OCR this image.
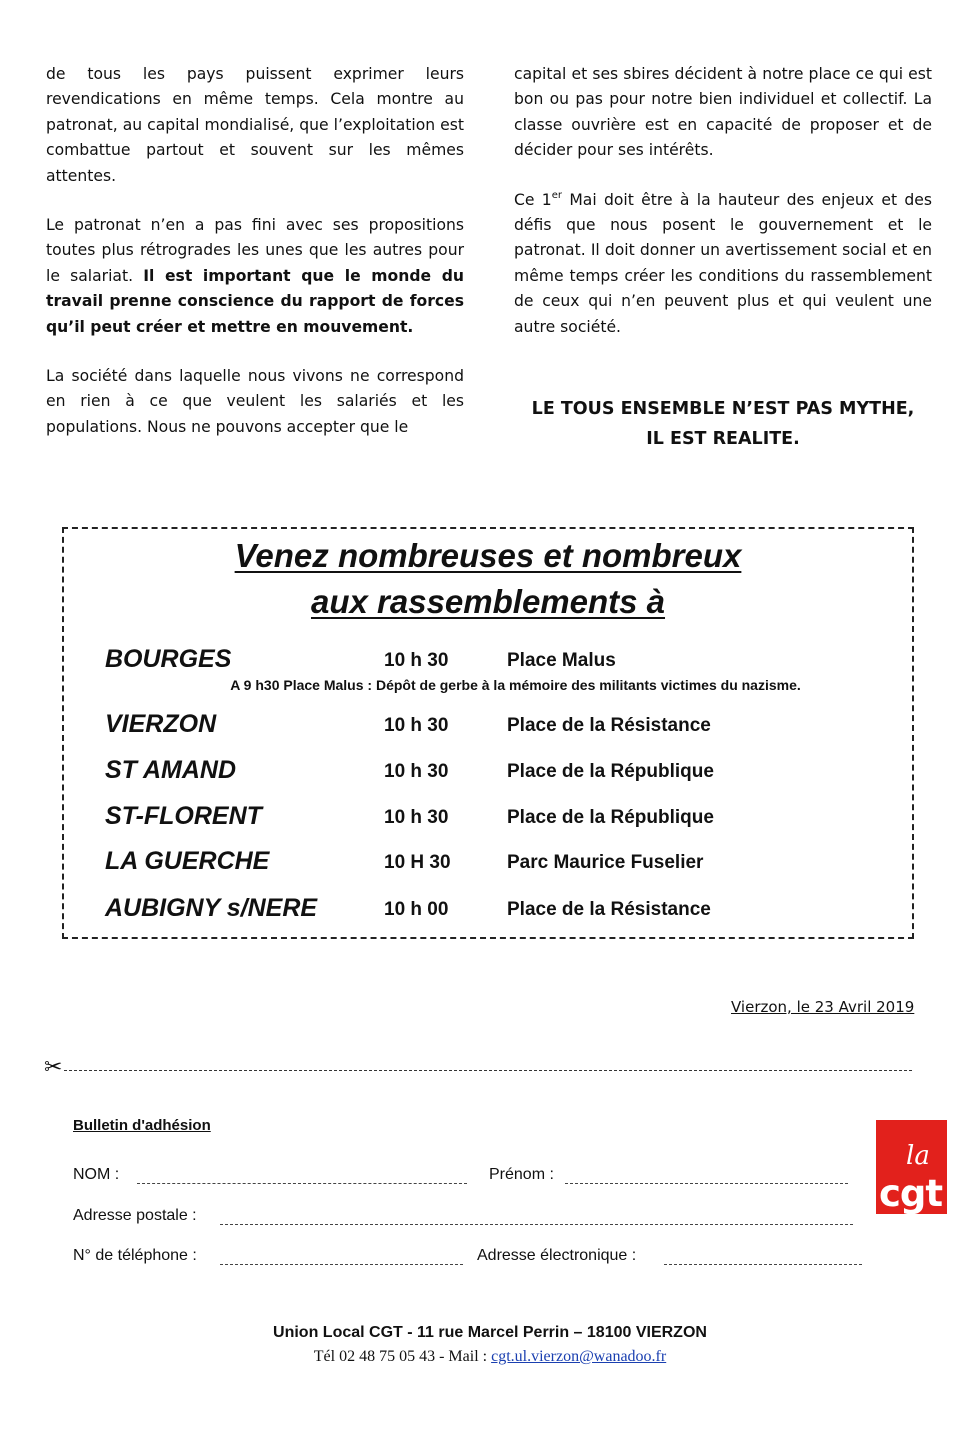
de tous les pays puissent exprimer leurs revendications en même temps. Cela montre au patronat, au capital mondialisé, que l’exploitation est combattue partout et souvent sur les mêmes attentes.

Le patronat n’en a pas fini avec ses propositions toutes plus rétrogrades les unes que les autres pour le salariat. Il est important que le monde du travail prenne conscience du rapport de forces qu’il peut créer et mettre en mouvement.

La société dans laquelle nous vivons ne correspond en rien à ce que veulent les salariés et les populations. Nous ne pouvons accepter que le

capital et ses sbires décident à notre place ce qui est bon ou pas pour notre bien individuel et collectif. La classe ouvrière est en capacité de proposer et de décider pour ses intérêts.

Ce 1er Mai doit être à la hauteur des enjeux et des défis que nous posent le gouvernement et le patronat. Il doit donner un avertissement social et en même temps créer les conditions du rassemblement de ceux qui n’en peuvent plus et qui veulent une autre société.

LE TOUS ENSEMBLE N’EST PAS MYTHE,
IL EST REALITE.
Venez nombreuses et nombreux
aux rassemblements à
BOURGES	10 h 30	Place Malus
A 9 h30 Place Malus : Dépôt de gerbe à la mémoire des militants victimes du nazisme.
VIERZON	10 h 30	Place de la Résistance
ST AMAND	10 h 30	Place de la République
ST-FLORENT	10 h 30	Place de la République
LA GUERCHE	10 H 30	Parc Maurice Fuselier
AUBIGNY s/NERE	10 h 00	Place de la Résistance
Vierzon, le 23 Avril 2019
✂
Bulletin d'adhésion
NOM :	Prénom :
Adresse postale :
N° de téléphone :	Adresse électronique :
la
cgt
Union Local CGT - 11 rue Marcel Perrin – 18100 VIERZON
Tél 02 48 75 05 43 - Mail : cgt.ul.vierzon@wanadoo.fr
